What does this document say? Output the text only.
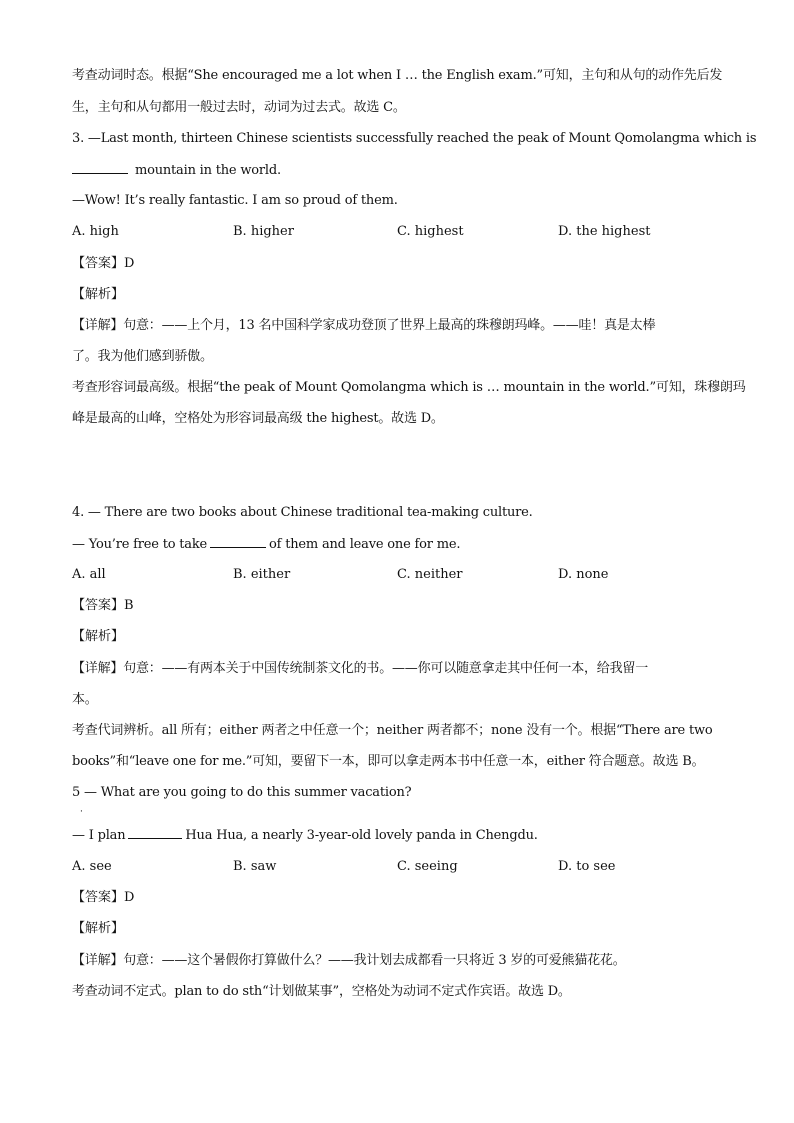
考查动词时态。根据“She encouraged me a lot when I … the English exam.”可知，主句和从句的动作先后发
生，主句和从句都用一般过去时，动词为过去式。故选 C。
3. —Last month, thirteen Chinese scientists successfully reached the peak of Mount Qomolangma which is
mountain in the world.
—Wow! It’s really fantastic. I am so proud of them.
A. high	B. higher	C. highest	D. the highest
【答案】D
【解析】
【详解】句意：——上个月，13 名中国科学家成功登顶了世界上最高的珠穆朗玛峰。——哇！真是太棒
了。我为他们感到骄傲。
考查形容词最高级。根据“the peak of Mount Qomolangma which is … mountain in the world.”可知，珠穆朗玛
峰是最高的山峰，空格处为形容词最高级 the highest。故选 D。
4. — There are two books about Chinese traditional tea-making culture.
— You’re free to take	of them and leave one for me.
A. all	B. either	C. neither	D. none
【答案】B
【解析】
【详解】句意：——有两本关于中国传统制茶文化的书。——你可以随意拿走其中任何一本，给我留一
本。
考查代词辨析。all 所有；either 两者之中任意一个；neither 两者都不；none 没有一个。根据“There are two
books”和“leave one for me.”可知，要留下一本，即可以拿走两本书中任意一本，either 符合题意。故选 B。
5 — What are you going to do this summer vacation?
·
— I plan	Hua Hua, a nearly 3-year-old lovely panda in Chengdu.
A. see	B. saw	C. seeing	D. to see
【答案】D
【解析】
【详解】句意：——这个暑假你打算做什么？——我计划去成都看一只将近 3 岁的可爱熊猫花花。
考查动词不定式。plan to do sth“计划做某事”，空格处为动词不定式作宾语。故选 D。
